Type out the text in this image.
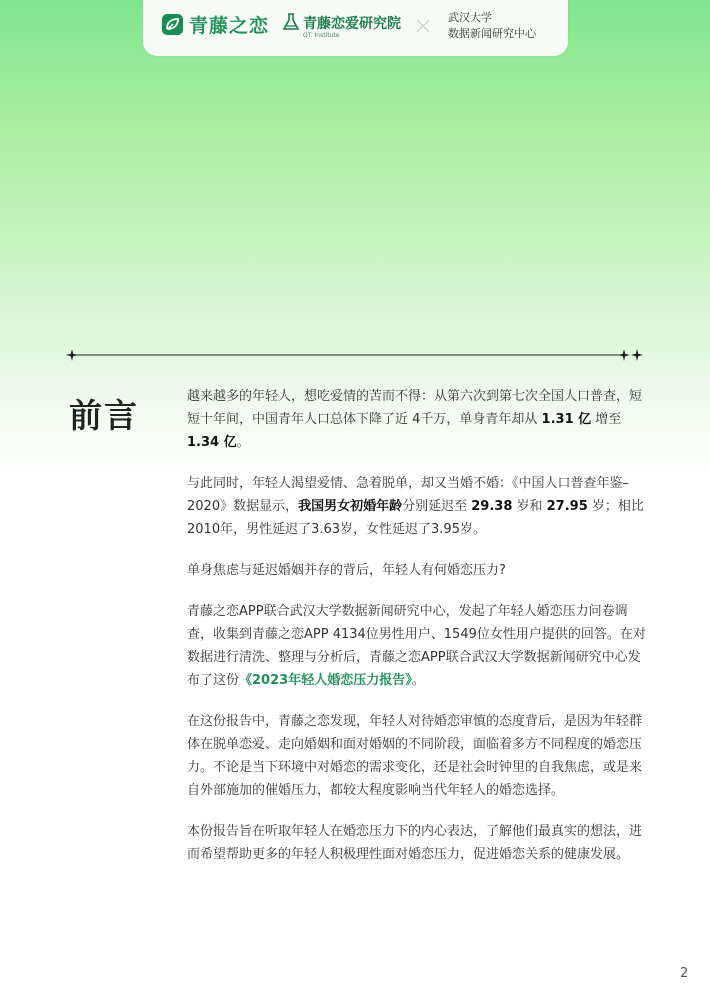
青藤之恋 青藤恋爱研究院
QT. Institute
武汉大学
数据新闻研究中心
前言	越来越多的年轻人，想吃爱情的苦而不得：从第六次到第七次全国人口普查，短短十年间，中国青年人口总体下降了近 4千万，单身青年却从 1.31 亿 增至 1.34 亿。

与此同时，年轻人渴望爱情、急着脱单，却又当婚不婚：《中国人口普查年鉴–2020》数据显示，我国男女初婚年龄分别延迟至 29.38 岁和 27.95 岁；相比2010年，男性延迟了3.63岁，女性延迟了3.95岁。

单身焦虑与延迟婚姻并存的背后，年轻人有何婚恋压力?

青藤之恋APP联合武汉大学数据新闻研究中心，发起了年轻人婚恋压力问卷调查，收集到青藤之恋APP 4134位男性用户、1549位女性用户提供的回答。在对数据进行清洗、整理与分析后，青藤之恋APP联合武汉大学数据新闻研究中心发布了这份《2023年轻人婚恋压力报告》。

在这份报告中，青藤之恋发现，年轻人对待婚恋审慎的态度背后，是因为年轻群体在脱单恋爱、走向婚姻和面对婚姻的不同阶段，面临着多方不同程度的婚恋压力。不论是当下环境中对婚恋的需求变化，还是社会时钟里的自我焦虑，或是来自外部施加的催婚压力，都较大程度影响当代年轻人的婚恋选择。

本份报告旨在听取年轻人在婚恋压力下的内心表达，了解他们最真实的想法，进而希望帮助更多的年轻人积极理性面对婚恋压力，促进婚恋关系的健康发展。

2
